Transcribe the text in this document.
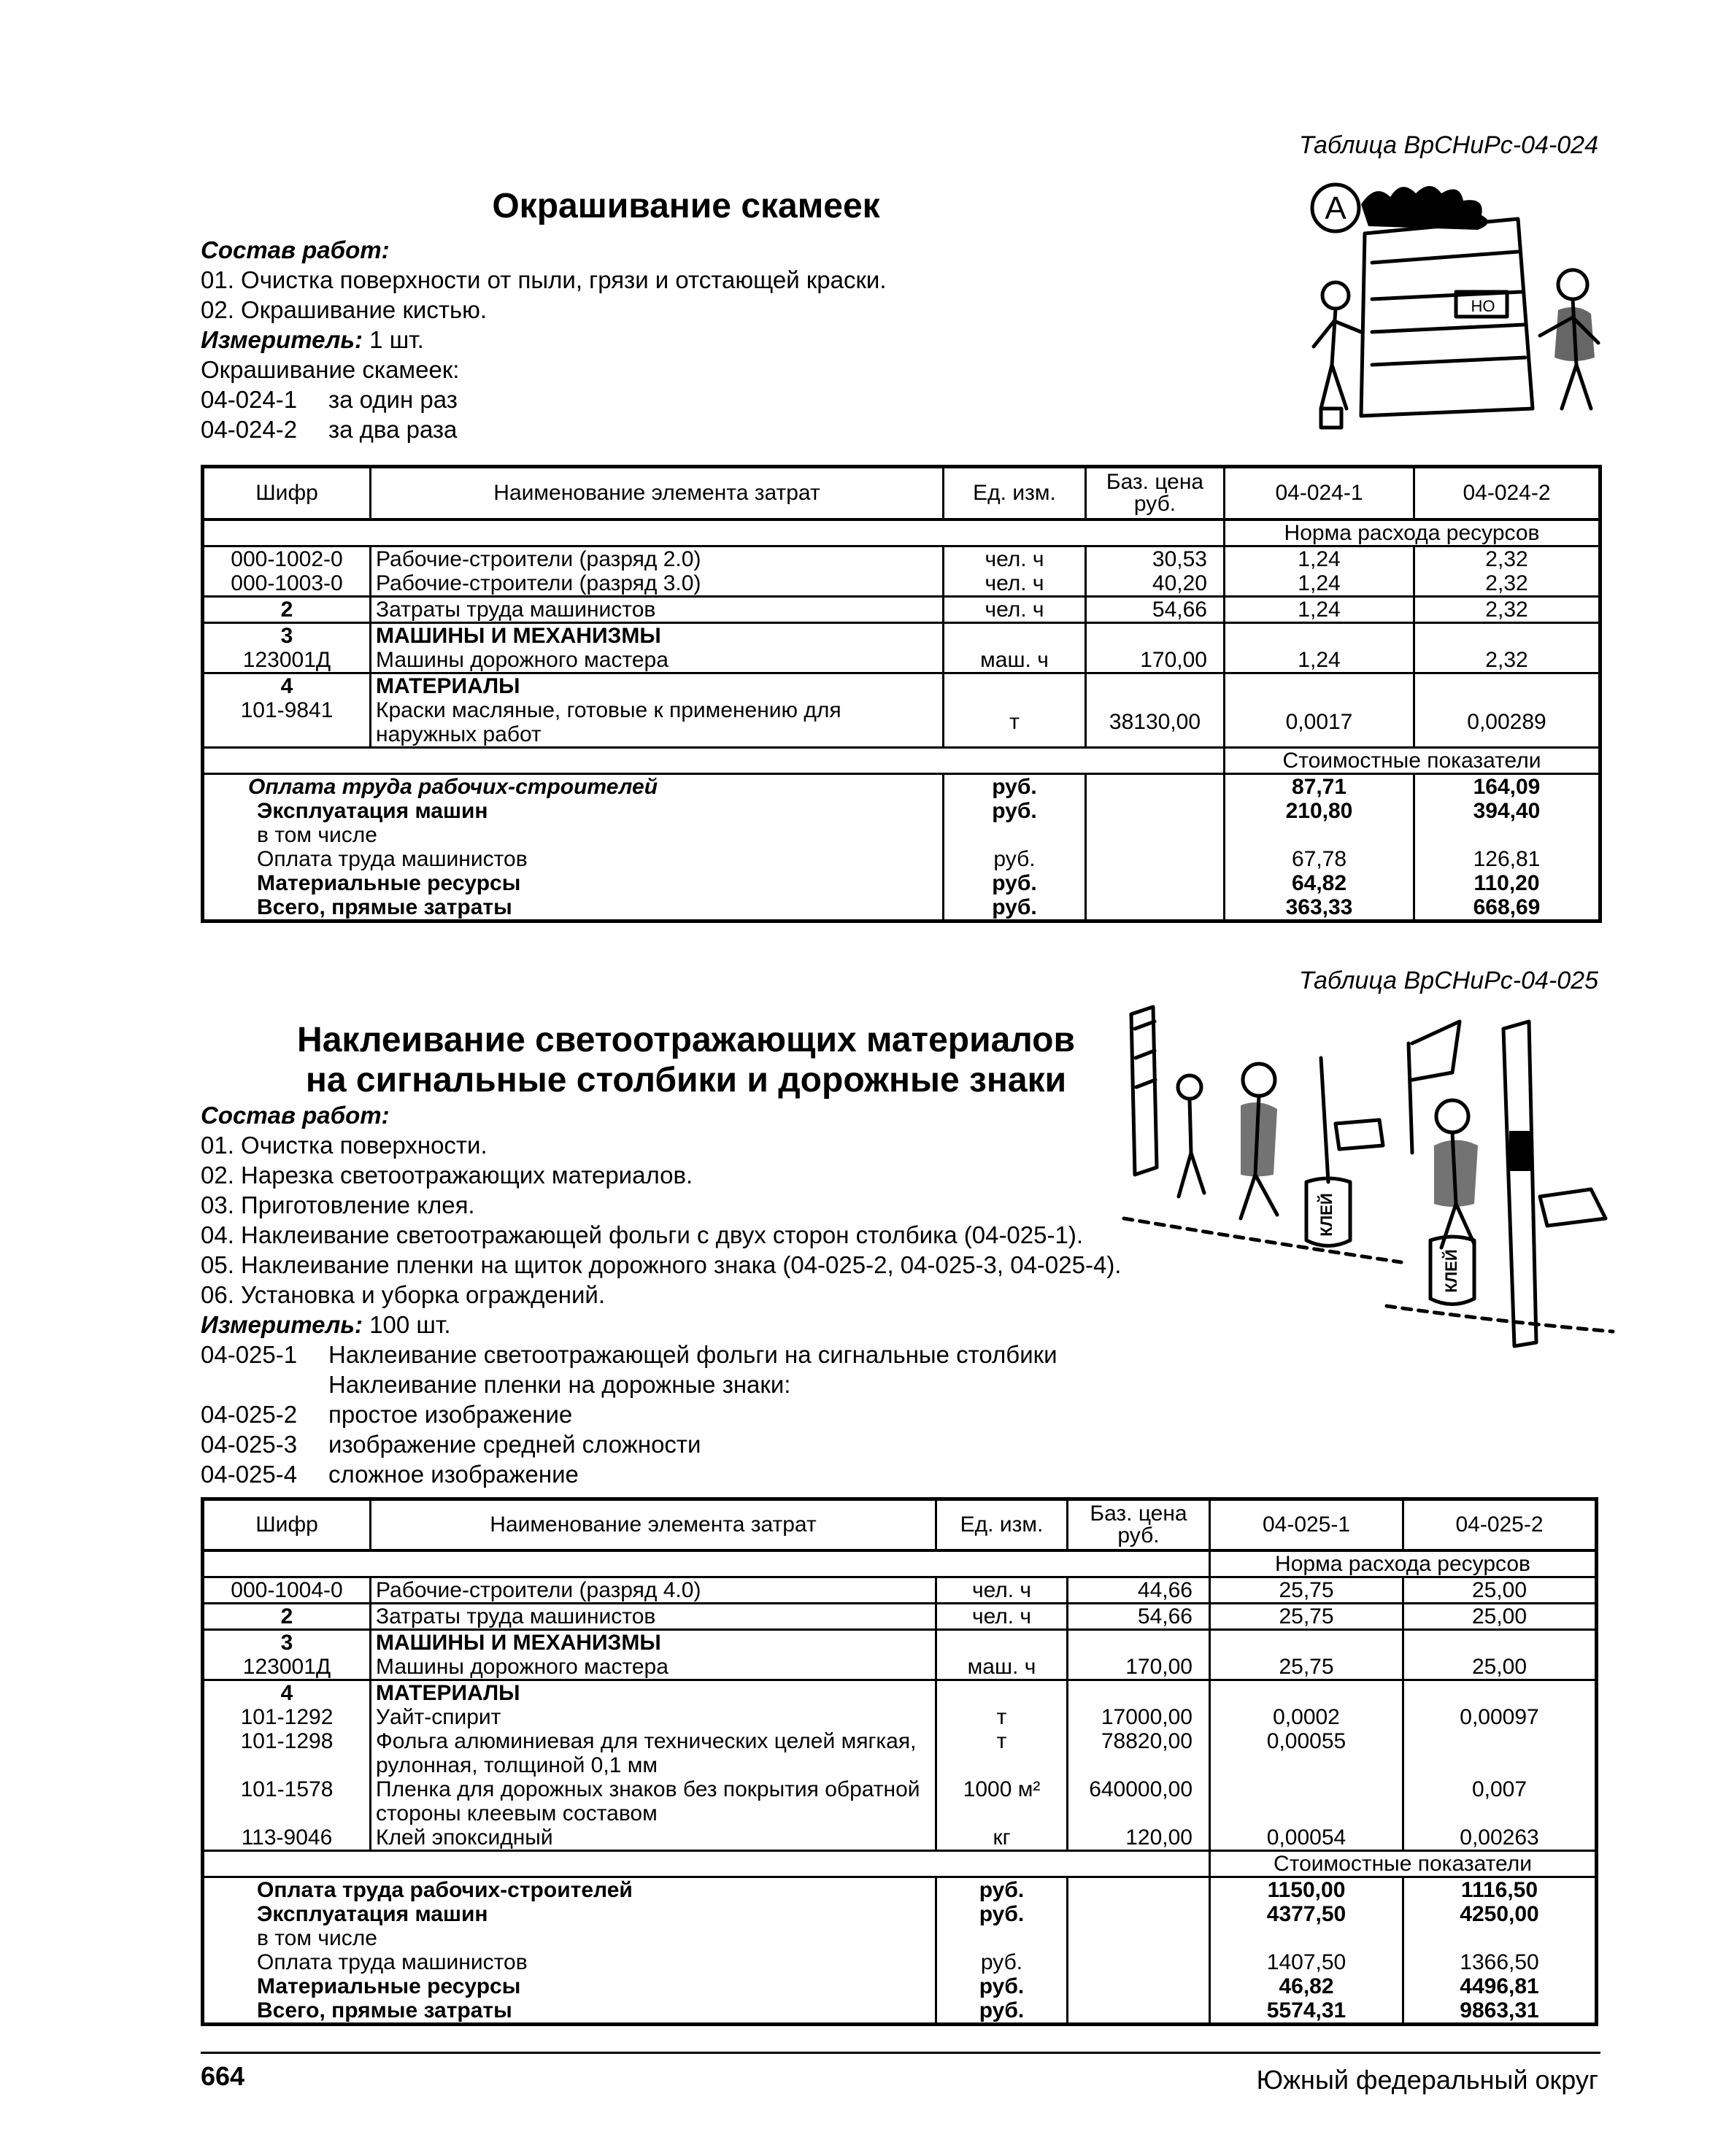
Таблица ВрСНиРс-04-024
Окрашивание скамеек
Состав работ:
01. Очистка поверхности от пыли, грязи и отстающей краски.
02. Окрашивание кистью.
Измеритель: 1 шт.
Окрашивание скамеек:
04-024-1 за один раз
04-024-2 за два раза
А
НО
Шифр	Наименование элемента затрат	Ед. изм.	Баз. цена руб.	04-024-1	04-024-2
				Норма расхода ресурсов	
000-1002-0	Рабочие-строители (разряд 2.0)	чел. ч	30,53	1,24	2,32
000-1003-0	Рабочие-строители (разряд 3.0)	чел. ч	40,20	1,24	2,32
2	Затраты труда машинистов	чел. ч	54,66	1,24	2,32
3	МАШИНЫ И МЕХАНИЗМЫ				
123001Д	Машины дорожного мастера	маш. ч	170,00	1,24	2,32
4	МАТЕРИАЛЫ				
101-9841	Краски масляные, готовые к применению для наружных работ	т	38130,00	0,0017	0,00289
				Стоимостные показатели	
Оплата труда рабочих-строителей		руб.		87,71	164,09
Эксплуатация машин		руб.		210,80	394,40
в том числе					
Оплата труда машинистов		руб.		67,78	126,81
Материальные ресурсы		руб.		64,82	110,20
Всего, прямые затраты		руб.		363,33	668,69
Таблица ВрСНиРс-04-025
Наклеивание светоотражающих материалов
на сигнальные столбики и дорожные знаки
Состав работ:
01. Очистка поверхности.
02. Нарезка светоотражающих материалов.
03. Приготовление клея.
04. Наклеивание светоотражающей фольги с двух сторон столбика (04-025-1).
05. Наклеивание пленки на щиток дорожного знака (04-025-2, 04-025-3, 04-025-4).
06. Установка и уборка ограждений.
Измеритель: 100 шт.
04-025-1 Наклеивание светоотражающей фольги на сигнальные столбики
Наклеивание пленки на дорожные знаки:
04-025-2 простое изображение
04-025-3 изображение средней сложности
04-025-4 сложное изображение
КЛЕЙ
КЛЕЙ
Шифр	Наименование элемента затрат	Ед. изм.	Баз. цена руб.	04-025-1	04-025-2
				Норма расхода ресурсов	
000-1004-0	Рабочие-строители (разряд 4.0)	чел. ч	44,66	25,75	25,00
2	Затраты труда машинистов	чел. ч	54,66	25,75	25,00
3	МАШИНЫ И МЕХАНИЗМЫ				
123001Д	Машины дорожного мастера	маш. ч	170,00	25,75	25,00
4	МАТЕРИАЛЫ				
101-1292	Уайт-спирит	т	17000,00	0,0002	0,00097
101-1298	Фольга алюминиевая для технических целей мягкая, рулонная, толщиной 0,1 мм	т	78820,00	0,00055	
101-1578	Пленка для дорожных знаков без покрытия обратной стороны клеевым составом	1000 м²	640000,00		0,007
113-9046	Клей эпоксидный	кг	120,00	0,00054	0,00263
				Стоимостные показатели	
Оплата труда рабочих-строителей		руб.		1150,00	1116,50
Эксплуатация машин		руб.		4377,50	4250,00
в том числе					
Оплата труда машинистов		руб.		1407,50	1366,50
Материальные ресурсы		руб.		46,82	4496,81
Всего, прямые затраты		руб.		5574,31	9863,31
664	Южный федеральный округ
